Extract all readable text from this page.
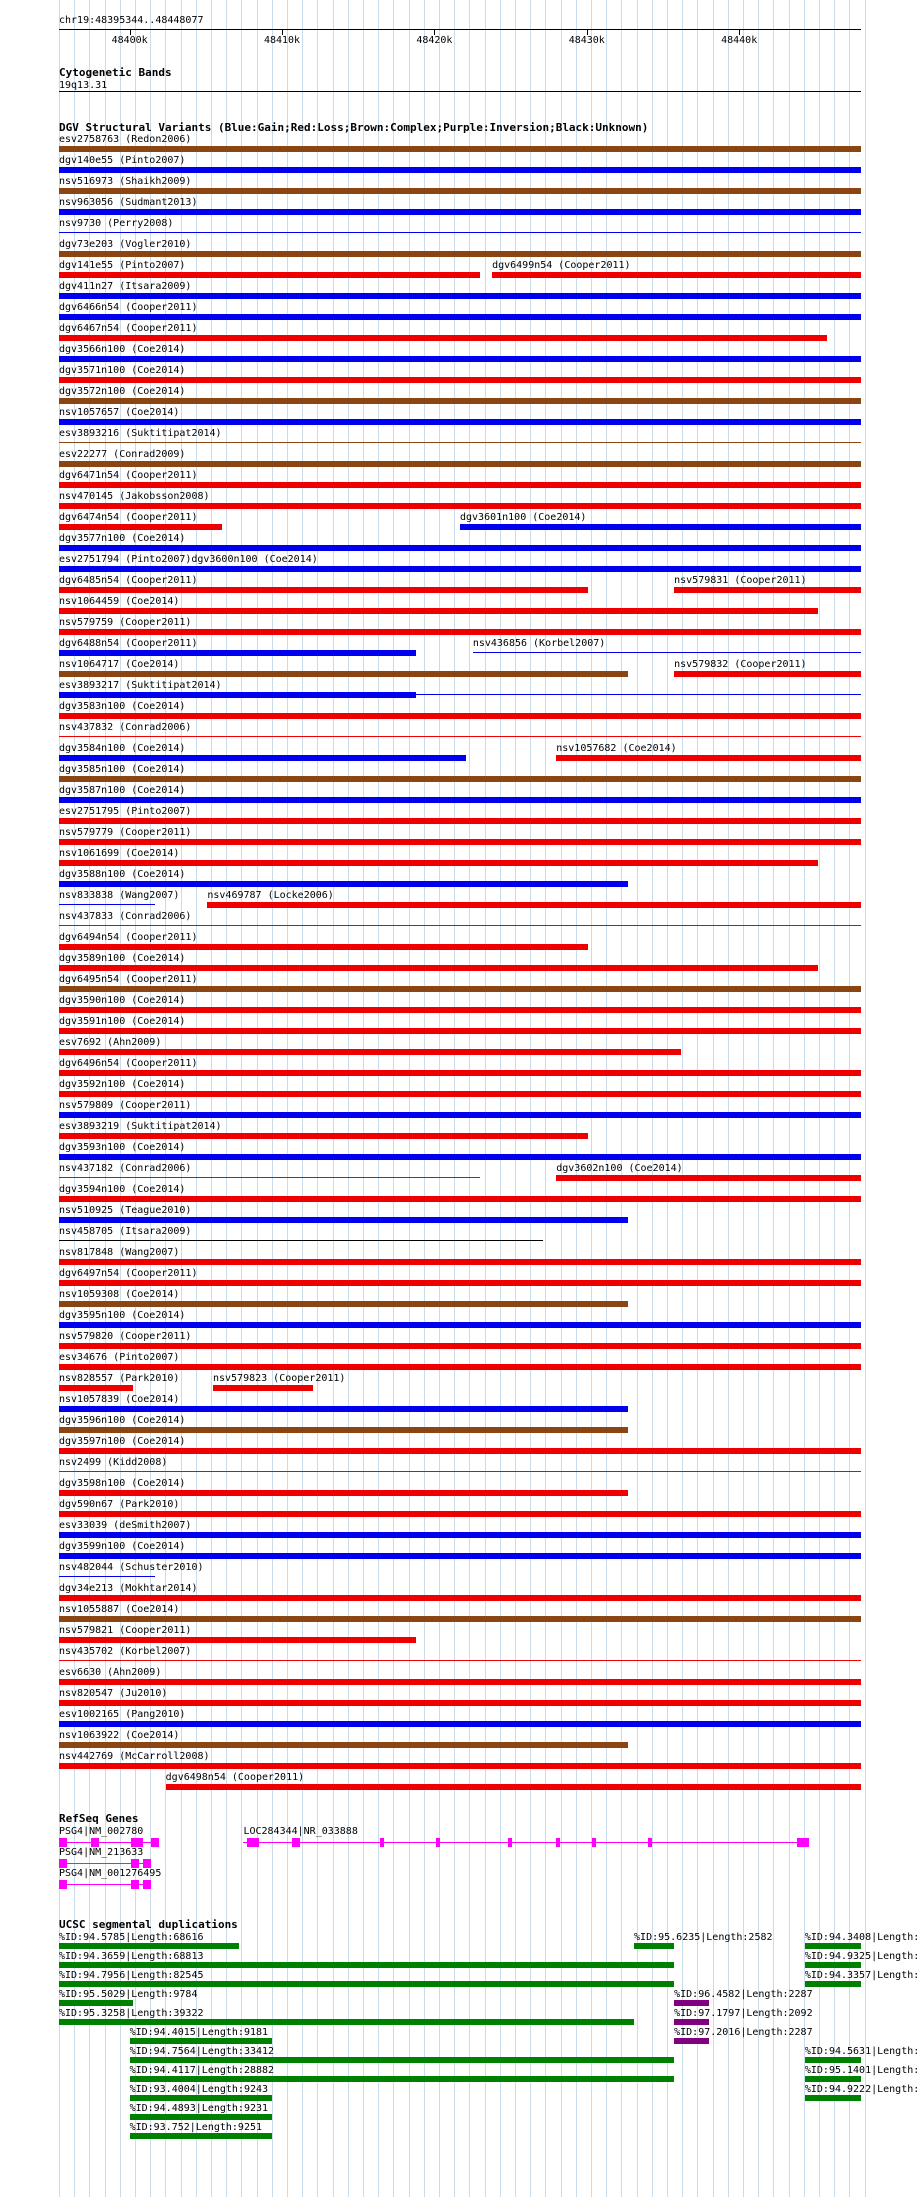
chr19:48395344..48448077
48400k	48410k	48420k	48430k	48440k
Cytogenetic Bands
19q13.31
DGV Structural Variants (Blue:Gain;Red:Loss;Brown:Complex;Purple:Inversion;Black:Unknown)
esv2758763 (Redon2006)
dgv140e55 (Pinto2007)
nsv516973 (Shaikh2009)
nsv963056 (Sudmant2013)
nsv9730 (Perry2008)
dgv73e203 (Vogler2010)
dgv141e55 (Pinto2007)	dgv6499n54 (Cooper2011)
dgv411n27 (Itsara2009)
dgv6466n54 (Cooper2011)
dgv6467n54 (Cooper2011)
dgv3566n100 (Coe2014)
dgv3571n100 (Coe2014)
dgv3572n100 (Coe2014)
nsv1057657 (Coe2014)
esv3893216 (Suktitipat2014)
esv22277 (Conrad2009)
dgv6471n54 (Cooper2011)
nsv470145 (Jakobsson2008)
dgv6474n54 (Cooper2011)	dgv3601n100 (Coe2014)
dgv3577n100 (Coe2014)
esv2751794 (Pinto2007) dgv3600n100 (Coe2014)
dgv6485n54 (Cooper2011)	nsv579831 (Cooper2011)
nsv1064459 (Coe2014)
nsv579759 (Cooper2011)
dgv6488n54 (Cooper2011)	nsv436856 (Korbel2007)
nsv1064717 (Coe2014)	nsv579832 (Cooper2011)
esv3893217 (Suktitipat2014)
dgv3583n100 (Coe2014)
nsv437832 (Conrad2006)
dgv3584n100 (Coe2014)	nsv1057682 (Coe2014)
dgv3585n100 (Coe2014)
dgv3587n100 (Coe2014)
esv2751795 (Pinto2007)
nsv579779 (Cooper2011)
nsv1061699 (Coe2014)
dgv3588n100 (Coe2014)
nsv833838 (Wang2007)	nsv469787 (Locke2006)
nsv437833 (Conrad2006)
dgv6494n54 (Cooper2011)
dgv3589n100 (Coe2014)
dgv6495n54 (Cooper2011)
dgv3590n100 (Coe2014)
dgv3591n100 (Coe2014)
esv7692 (Ahn2009)
dgv6496n54 (Cooper2011)
dgv3592n100 (Coe2014)
nsv579809 (Cooper2011)
esv3893219 (Suktitipat2014)
dgv3593n100 (Coe2014)
nsv437182 (Conrad2006)	dgv3602n100 (Coe2014)
dgv3594n100 (Coe2014)
nsv510925 (Teague2010)
nsv458705 (Itsara2009)
nsv817848 (Wang2007)
dgv6497n54 (Cooper2011)
nsv1059308 (Coe2014)
dgv3595n100 (Coe2014)
nsv579820 (Cooper2011)
esv34676 (Pinto2007)
nsv828557 (Park2010)	nsv579823 (Cooper2011)
nsv1057839 (Coe2014)
dgv3596n100 (Coe2014)
dgv3597n100 (Coe2014)
nsv2499 (Kidd2008)
dgv3598n100 (Coe2014)
dgv590n67 (Park2010)
esv33039 (deSmith2007)
dgv3599n100 (Coe2014)
nsv482044 (Schuster2010)
dgv34e213 (Mokhtar2014)
nsv1055887 (Coe2014)
nsv579821 (Cooper2011)
nsv435702 (Korbel2007)
esv6630 (Ahn2009)
nsv820547 (Ju2010)
esv1002165 (Pang2010)
nsv1063922 (Coe2014)
nsv442769 (McCarroll2008)
dgv6498n54 (Cooper2011)
RefSeq Genes
PSG4|NM_002780	LOC284344|NR_033888
PSG4|NM_213633
PSG4|NM_001276495
UCSC segmental duplications
%ID:94.5785|Length:68616	%ID:95.6235|Length:2582	%ID:94.3408|Length:
%ID:94.3659|Length:68813	%ID:94.9325|Length:
%ID:94.7956|Length:82545	%ID:94.3357|Length:
%ID:95.5029|Length:9784	%ID:96.4582|Length:2287
%ID:95.3258|Length:39322	%ID:97.1797|Length:2092
%ID:94.4015|Length:9181	%ID:97.2016|Length:2287
%ID:94.7564|Length:33412	%ID:94.5631|Length:
%ID:94.4117|Length:28882	%ID:95.1401|Length:
%ID:93.4004|Length:9243	%ID:94.9222|Length:
%ID:94.4893|Length:9231
%ID:93.752|Length:9251
